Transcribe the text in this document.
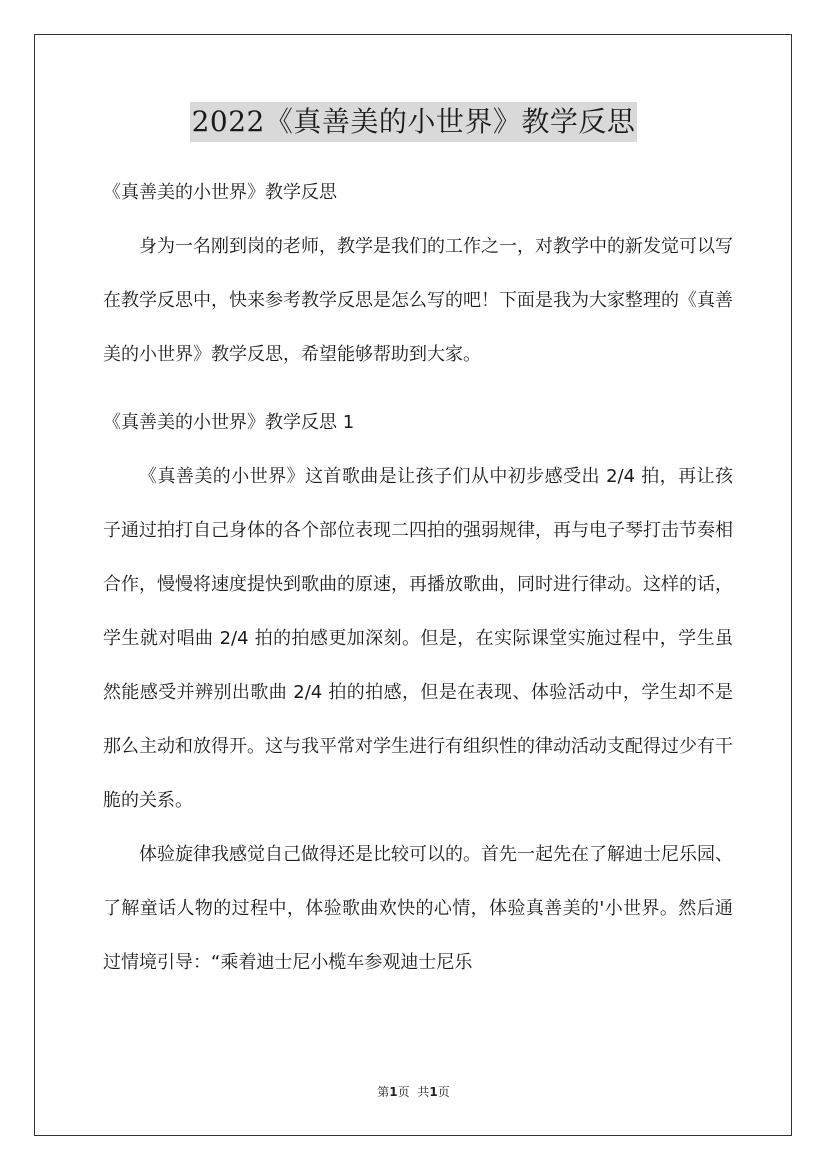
2022《真善美的小世界》教学反思

《真善美的小世界》教学反思

身为一名刚到岗的老师，教学是我们的工作之一，对教学中的新发觉可以写在教学反思中，快来参考教学反思是怎么写的吧！下面是我为大家整理的《真善美的小世界》教学反思，希望能够帮助到大家。

《真善美的小世界》教学反思 1

《真善美的小世界》这首歌曲是让孩子们从中初步感受出 2/4 拍，再让孩子通过拍打自己身体的各个部位表现二四拍的强弱规律，再与电子琴打击节奏相合作，慢慢将速度提快到歌曲的原速，再播放歌曲，同时进行律动。这样的话，学生就对唱曲 2/4 拍的拍感更加深刻。但是，在实际课堂实施过程中，学生虽然能感受并辨别出歌曲 2/4 拍的拍感，但是在表现、体验活动中，学生却不是那么主动和放得开。这与我平常对学生进行有组织性的律动活动支配得过少有干脆的关系。

体验旋律我感觉自己做得还是比较可以的。首先一起先在了解迪士尼乐园、了解童话人物的过程中，体验歌曲欢快的心情，体验真善美的'小世界。然后通过情境引导：“乘着迪士尼小榄车参观迪士尼乐

第1页 共1页
